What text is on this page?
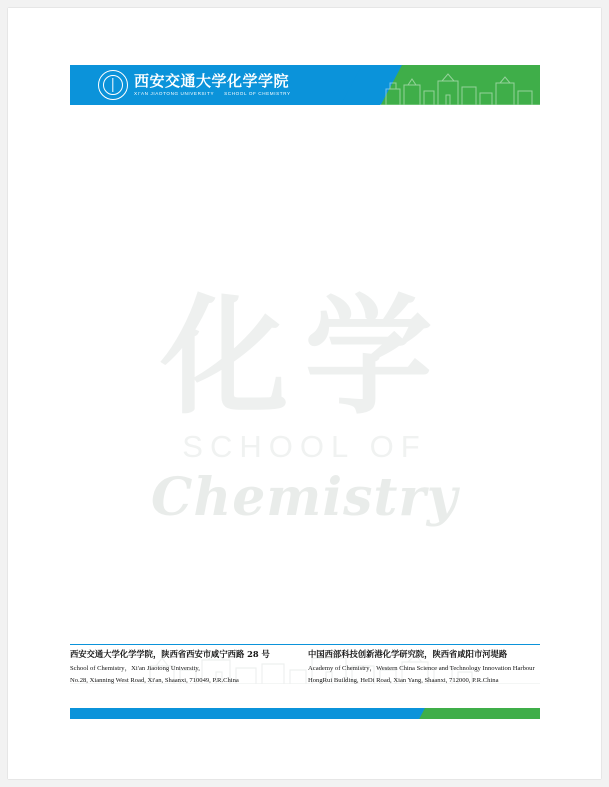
西安交通大学化学学院
XI'AN JIAOTONG UNIVERSITY SCHOOL OF CHEMISTRY
化学
SCHOOL OF
Chemistry
西安交通大学化学学院，陕西省西安市咸宁西路 28 号
School of Chemistry，Xi'an Jiaotong University,
No.28, Xianning West Road, Xi'an, Shaanxi, 710049, P.R.China
中国西部科技创新港化学研究院，陕西省咸阳市河堤路
Academy of Chemistry，Western China Science and Technology Innovation Harbour
HongRui Building, HeDi Road, Xian Yang, Shaanxi, 712000, P.R.China
